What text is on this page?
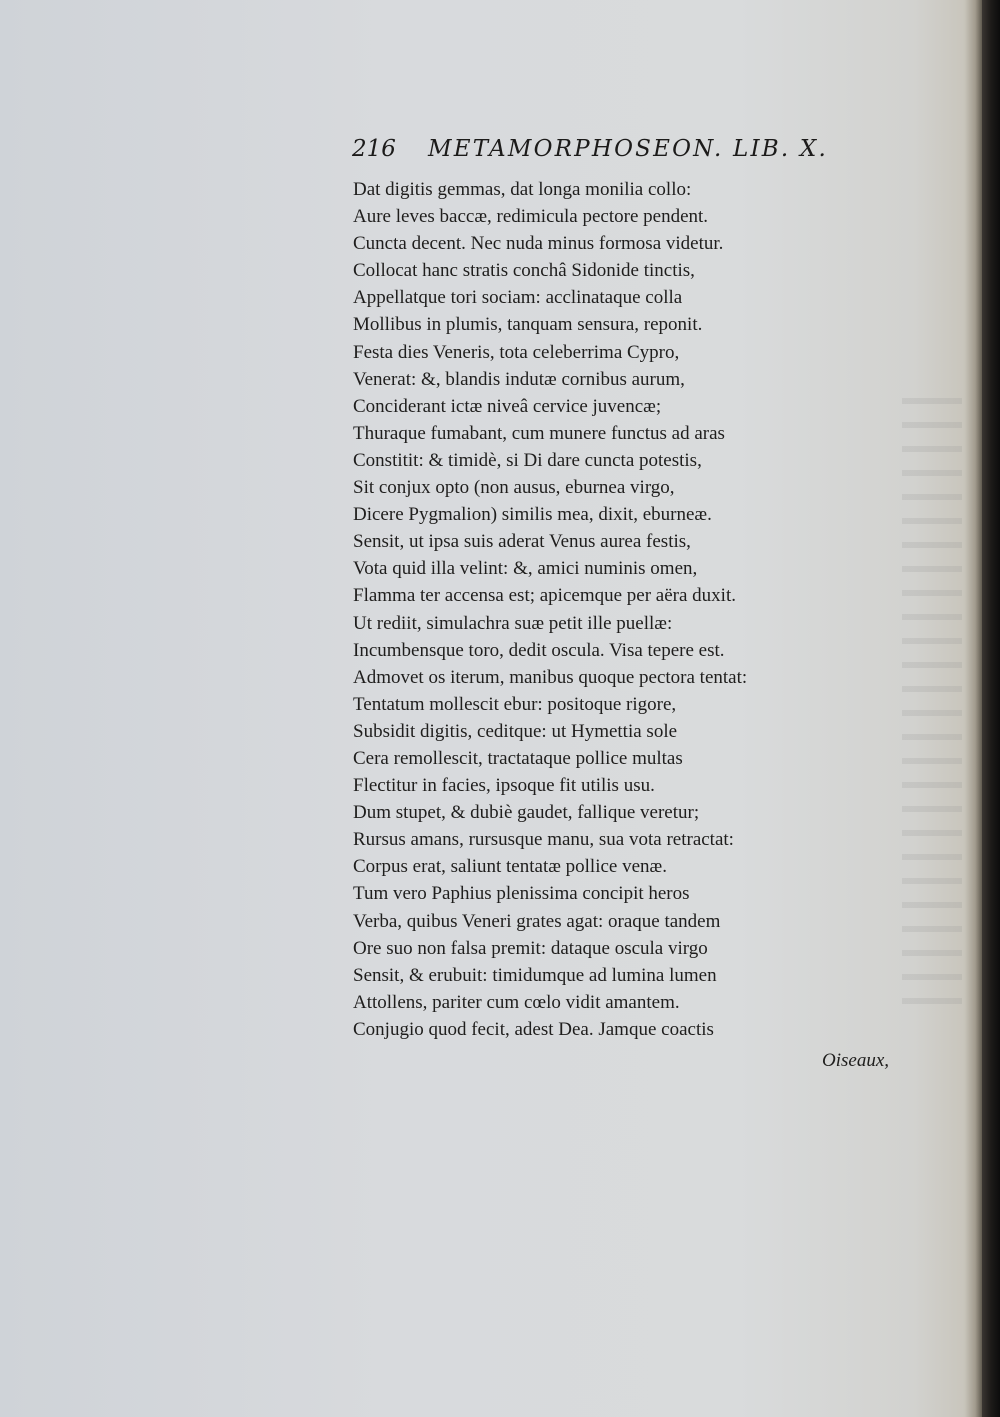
216 METAMORPHOSEON. LIB. X.
Dat digitis gemmas, dat longa monilia collo:
Aure leves baccæ, redimicula pectore pendent.
Cuncta decent. Nec nuda minus formosa videtur.
Collocat hanc stratis conchâ Sidonide tinctis,
Appellatque tori sociam: acclinataque colla
Mollibus in plumis, tanquam sensura, reponit.
Festa dies Veneris, tota celeberrima Cypro,
Venerat: &, blandis indutæ cornibus aurum,
Conciderant ictæ niveâ cervice juvencæ;
Thuraque fumabant, cum munere functus ad aras
Constitit: & timidè, si Di dare cuncta potestis,
Sit conjux opto (non ausus, eburnea virgo,
Dicere Pygmalion) similis mea, dixit, eburneæ.
Sensit, ut ipsa suis aderat Venus aurea festis,
Vota quid illa velint: &, amici numinis omen,
Flamma ter accensa est; apicemque per aëra duxit.
Ut rediit, simulachra suæ petit ille puellæ:
Incumbensque toro, dedit oscula. Visa tepere est.
Admovet os iterum, manibus quoque pectora tentat:
Tentatum mollescit ebur: positoque rigore,
Subsidit digitis, ceditque: ut Hymettia sole
Cera remollescit, tractataque pollice multas
Flectitur in facies, ipsoque fit utilis usu.
Dum stupet, & dubiè gaudet, fallique veretur;
Rursus amans, rursusque manu, sua vota retractat:
Corpus erat, saliunt tentatæ pollice venæ.
Tum vero Paphius plenissima concipit heros
Verba, quibus Veneri grates agat: oraque tandem
Ore suo non falsa premit: dataque oscula virgo
Sensit, & erubuit: timidumque ad lumina lumen
Attollens, pariter cum cœlo vidit amantem.
Conjugio quod fecit, adest Dea. Jamque coactis
Oiseaux,
